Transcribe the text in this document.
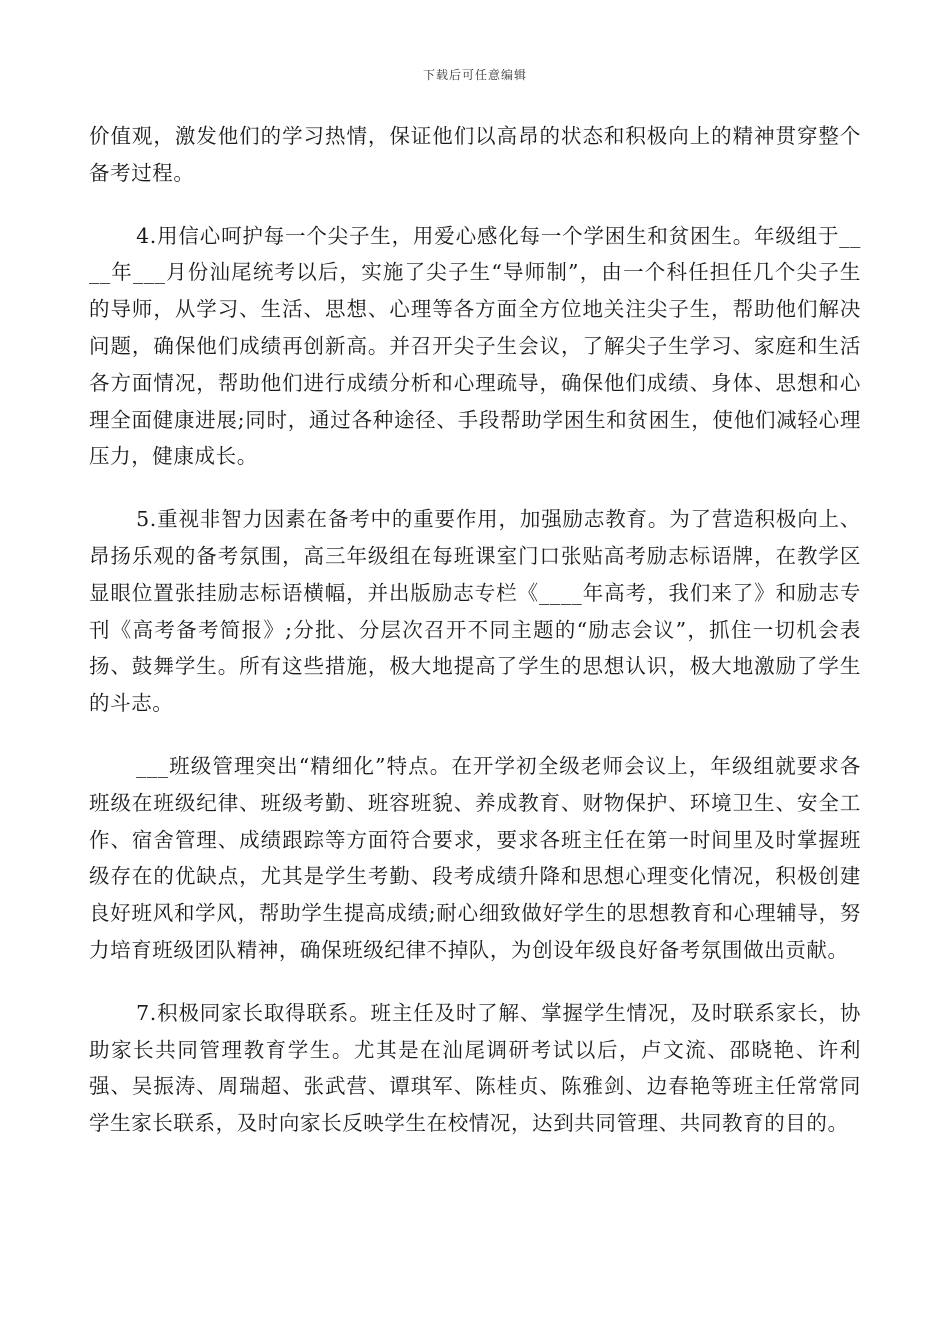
下载后可任意编辑

价值观，激发他们的学习热情，保证他们以高昂的状态和积极向上的精神贯穿整个备考过程。

4.用信心呵护每一个尖子生，用爱心感化每一个学困生和贫困生。年级组于____年___月份汕尾统考以后，实施了尖子生“导师制”，由一个科任担任几个尖子生的导师，从学习、生活、思想、心理等各方面全方位地关注尖子生，帮助他们解决问题，确保他们成绩再创新高。并召开尖子生会议，了解尖子生学习、家庭和生活各方面情况，帮助他们进行成绩分析和心理疏导，确保他们成绩、身体、思想和心理全面健康进展;同时，通过各种途径、手段帮助学困生和贫困生，使他们减轻心理压力，健康成长。

5.重视非智力因素在备考中的重要作用，加强励志教育。为了营造积极向上、昂扬乐观的备考氛围，高三年级组在每班课室门口张贴高考励志标语牌，在教学区显眼位置张挂励志标语横幅，并出版励志专栏《____年高考，我们来了》和励志专刊《高考备考简报》;分批、分层次召开不同主题的“励志会议”，抓住一切机会表扬、鼓舞学生。所有这些措施，极大地提高了学生的思想认识，极大地激励了学生的斗志。

___班级管理突出“精细化”特点。在开学初全级老师会议上，年级组就要求各班级在班级纪律、班级考勤、班容班貌、养成教育、财物保护、环境卫生、安全工作、宿舍管理、成绩跟踪等方面符合要求，要求各班主任在第一时间里及时掌握班级存在的优缺点，尤其是学生考勤、段考成绩升降和思想心理变化情况，积极创建良好班风和学风，帮助学生提高成绩;耐心细致做好学生的思想教育和心理辅导，努力培育班级团队精神，确保班级纪律不掉队，为创设年级良好备考氛围做出贡献。

7.积极同家长取得联系。班主任及时了解、掌握学生情况，及时联系家长，协助家长共同管理教育学生。尤其是在汕尾调研考试以后，卢文流、邵晓艳、许利强、吴振涛、周瑞超、张武营、谭琪军、陈桂贞、陈雅剑、边春艳等班主任常常同学生家长联系，及时向家长反映学生在校情况，达到共同管理、共同教育的目的。
